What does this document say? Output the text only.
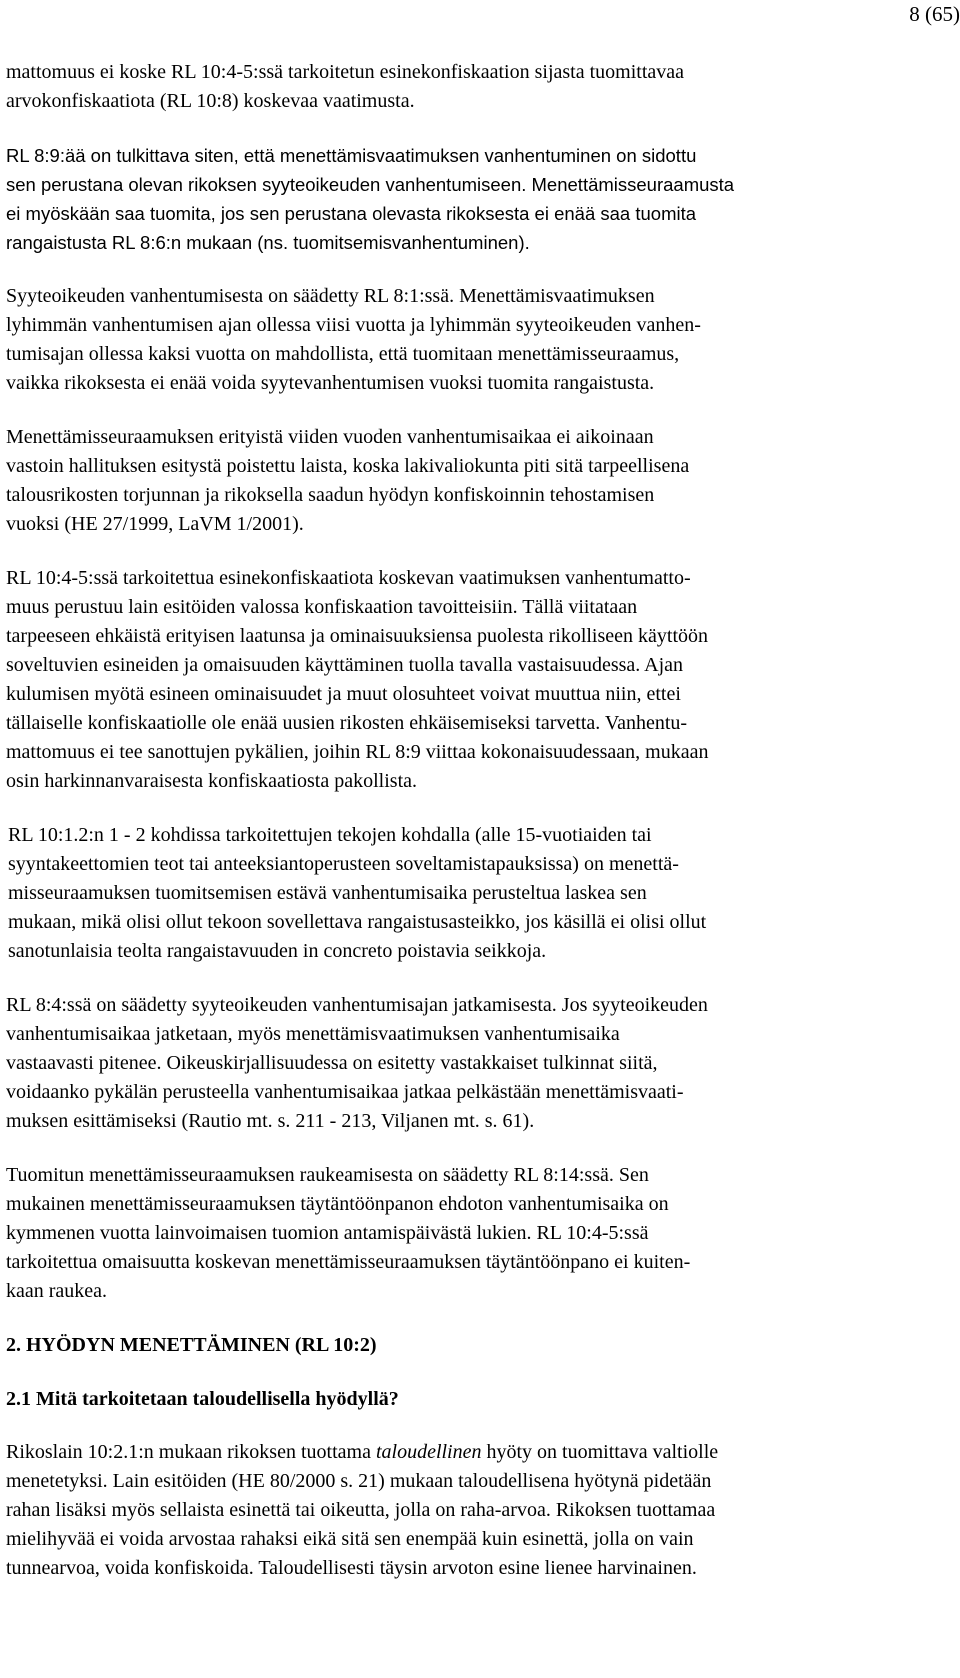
8 (65)

mattomuus ei koske RL 10:4-5:ssä tarkoitetun esinekonfiskaation sijasta tuomittavaa
arvokonfiskaatiota (RL 10:8) koskevaa vaatimusta.

RL 8:9:ää on tulkittava siten, että menettämisvaatimuksen vanhentuminen on sidottu
sen perustana olevan rikoksen syyteoikeuden vanhentumiseen. Menettämisseuraamusta
ei myöskään saa tuomita, jos sen perustana olevasta rikoksesta ei enää saa tuomita
rangaistusta RL 8:6:n mukaan (ns. tuomitsemisvanhentuminen).

Syyteoikeuden vanhentumisesta on säädetty RL 8:1:ssä. Menettämisvaatimuksen
lyhimmän vanhentumisen ajan ollessa viisi vuotta ja lyhimmän syyteoikeuden vanhen-
tumisajan ollessa kaksi vuotta on mahdollista, että tuomitaan menettämisseuraamus,
vaikka rikoksesta ei enää voida syytevanhentumisen vuoksi tuomita rangaistusta.

Menettämisseuraamuksen erityistä viiden vuoden vanhentumisaikaa ei aikoinaan
vastoin hallituksen esitystä poistettu laista, koska lakivaliokunta piti sitä tarpeellisena
talousrikosten torjunnan ja rikoksella saadun hyödyn konfiskoinnin tehostamisen
vuoksi (HE 27/1999, LaVM 1/2001).

RL 10:4-5:ssä tarkoitettua esinekonfiskaatiota koskevan vaatimuksen vanhentumatto-
muus perustuu lain esitöiden valossa konfiskaation tavoitteisiin. Tällä viitataan
tarpeeseen ehkäistä erityisen laatunsa ja ominaisuuksiensa puolesta rikolliseen käyttöön
soveltuvien esineiden ja omaisuuden käyttäminen tuolla tavalla vastaisuudessa. Ajan
kulumisen myötä esineen ominaisuudet ja muut olosuhteet voivat muuttua niin, ettei
tällaiselle konfiskaatiolle ole enää uusien rikosten ehkäisemiseksi tarvetta. Vanhentu-
mattomuus ei tee sanottujen pykälien, joihin RL 8:9 viittaa kokonaisuudessaan, mukaan
osin harkinnanvaraisesta konfiskaatiosta pakollista.

RL 10:1.2:n 1 - 2 kohdissa tarkoitettujen tekojen kohdalla (alle 15-vuotiaiden tai
syyntakeettomien teot tai anteeksiantoperusteen soveltamistapauksissa) on menettä-
misseuraamuksen tuomitsemisen estävä vanhentumisaika perusteltua laskea sen
mukaan, mikä olisi ollut tekoon sovellettava rangaistusasteikko, jos käsillä ei olisi ollut
sanotunlaisia teolta rangaistavuuden in concreto poistavia seikkoja.

RL 8:4:ssä on säädetty syyteoikeuden vanhentumisajan jatkamisesta. Jos syyteoikeuden
vanhentumisaikaa jatketaan, myös menettämisvaatimuksen vanhentumisaika
vastaavasti pitenee. Oikeuskirjallisuudessa on esitetty vastakkaiset tulkinnat siitä,
voidaanko pykälän perusteella vanhentumisaikaa jatkaa pelkästään menettämisvaati-
muksen esittämiseksi (Rautio mt. s. 211 - 213, Viljanen mt. s. 61).

Tuomitun menettämisseuraamuksen raukeamisesta on säädetty RL 8:14:ssä. Sen
mukainen menettämisseuraamuksen täytäntöönpanon ehdoton vanhentumisaika on
kymmenen vuotta lainvoimaisen tuomion antamispäivästä lukien. RL 10:4-5:ssä
tarkoitettua omaisuutta koskevan menettämisseuraamuksen täytäntöönpano ei kuiten-
kaan raukea.

2. HYÖDYN MENETTÄMINEN (RL 10:2)
2.1 Mitä tarkoitetaan taloudellisella hyödyllä?

Rikoslain 10:2.1:n mukaan rikoksen tuottama taloudellinen hyöty on tuomittava valtiolle
menetetyksi. Lain esitöiden (HE 80/2000 s. 21) mukaan taloudellisena hyötynä pidetään
rahan lisäksi myös sellaista esinettä tai oikeutta, jolla on raha-arvoa. Rikoksen tuottamaa
mielihyvää ei voida arvostaa rahaksi eikä sitä sen enempää kuin esinettä, jolla on vain
tunnearvoa, voida konfiskoida. Taloudellisesti täysin arvoton esine lienee harvinainen.
